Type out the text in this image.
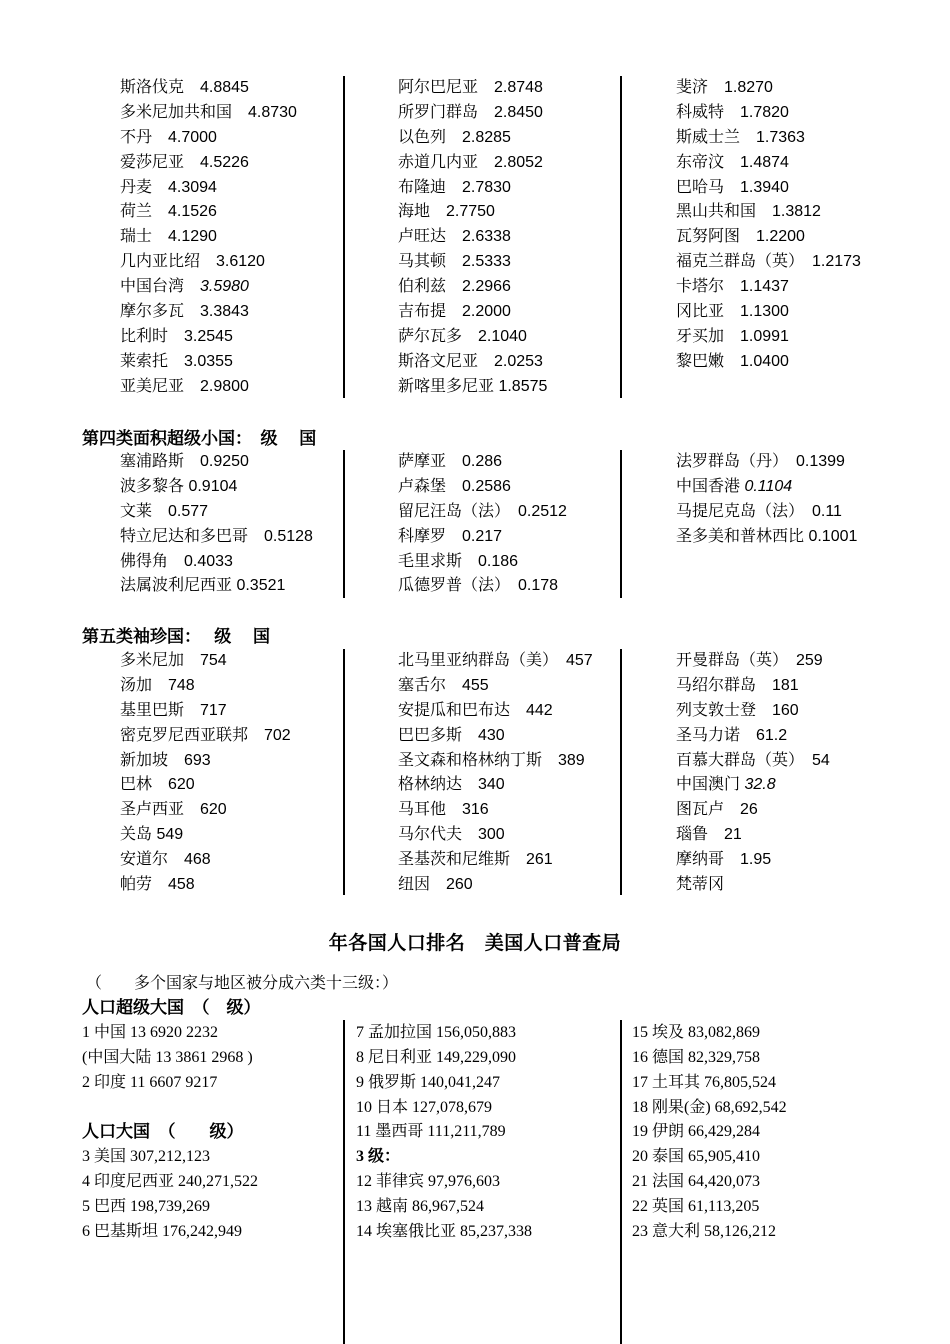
斯洛伐克　4.8845
多米尼加共和国　4.8730
不丹　4.7000
爱莎尼亚　4.5226
丹麦　4.3094
荷兰　4.1526
瑞士　4.1290
几内亚比绍　3.6120
中国台湾　3.5980
摩尔多瓦　3.3843
比利时　3.2545
莱索托　3.0355
亚美尼亚　2.9800
阿尔巴尼亚　2.8748
所罗门群岛　2.8450
以色列　2.8285
赤道几内亚　2.8052
布隆迪　2.7830
海地　2.7750
卢旺达　2.6338
马其顿　2.5333
伯利兹　2.2966
吉布提　2.2000
萨尔瓦多　2.1040
斯洛文尼亚　2.0253
新喀里多尼亚 1.8575
斐济　1.8270
科威特　1.7820
斯威士兰　1.7363
东帝汶　1.4874
巴哈马　1.3940
黑山共和国　1.3812
瓦努阿图　1.2200
福克兰群岛（英）　1.2173
卡塔尔　1.1437
冈比亚　1.1300
牙买加　1.0991
黎巴嫩　1.0400
第四类面积超级小国：　级　 国
塞浦路斯　0.9250
波多黎各 0.9104
文莱　0.577
特立尼达和多巴哥　0.5128
佛得角　0.4033
法属波利尼西亚 0.3521
萨摩亚　0.286
卢森堡　0.2586
留尼汪岛（法）　0.2512
科摩罗　0.217
毛里求斯　0.186
瓜德罗普（法）　0.178
法罗群岛（丹）　0.1399
中国香港 0.1104
马提尼克岛（法）　0.11
圣多美和普林西比 0.1001
第五类袖珍国：　 级　 国
多米尼加　754
汤加　748
基里巴斯　717
密克罗尼西亚联邦　702
新加坡　693
巴林　620
圣卢西亚　620
关岛 549
安道尔　468
帕劳　458
北马里亚纳群岛（美）　457
塞舌尔　455
安提瓜和巴布达　442
巴巴多斯　430
圣文森和格林纳丁斯　389
格林纳达　340
马耳他　316
马尔代夫　300
圣基茨和尼维斯　261
纽因　260
开曼群岛（英）　259
马绍尔群岛　181
列支敦士登　160
圣马力诺　61.2
百慕大群岛（英）　54
中国澳门 32.8
图瓦卢　26
瑙鲁　21
摩纳哥　1.95
梵蒂冈
年各国人口排名　美国人口普查局
（　　多个国家与地区被分成六类十三级：）
人口超级大国　（　级）
1 中国 13 6920 2232
(中国大陆 13 3861 2968 )
2 印度 11 6607 9217
人口大国　（　　级）
3 美国 307,212,123
4 印度尼西亚 240,271,522
5 巴西 198,739,269
6 巴基斯坦 176,242,949
7 孟加拉国 156,050,883
8 尼日利亚 149,229,090
9 俄罗斯 140,041,247
10 日本 127,078,679
11 墨西哥 111,211,789
3 级：
12 菲律宾 97,976,603
13 越南 86,967,524
14 埃塞俄比亚 85,237,338
15 埃及 83,082,869
16 德国 82,329,758
17 土耳其 76,805,524
18 刚果(金) 68,692,542
19 伊朗 66,429,284
20 泰国 65,905,410
21 法国 64,420,073
22 英国 61,113,205
23 意大利 58,126,212
